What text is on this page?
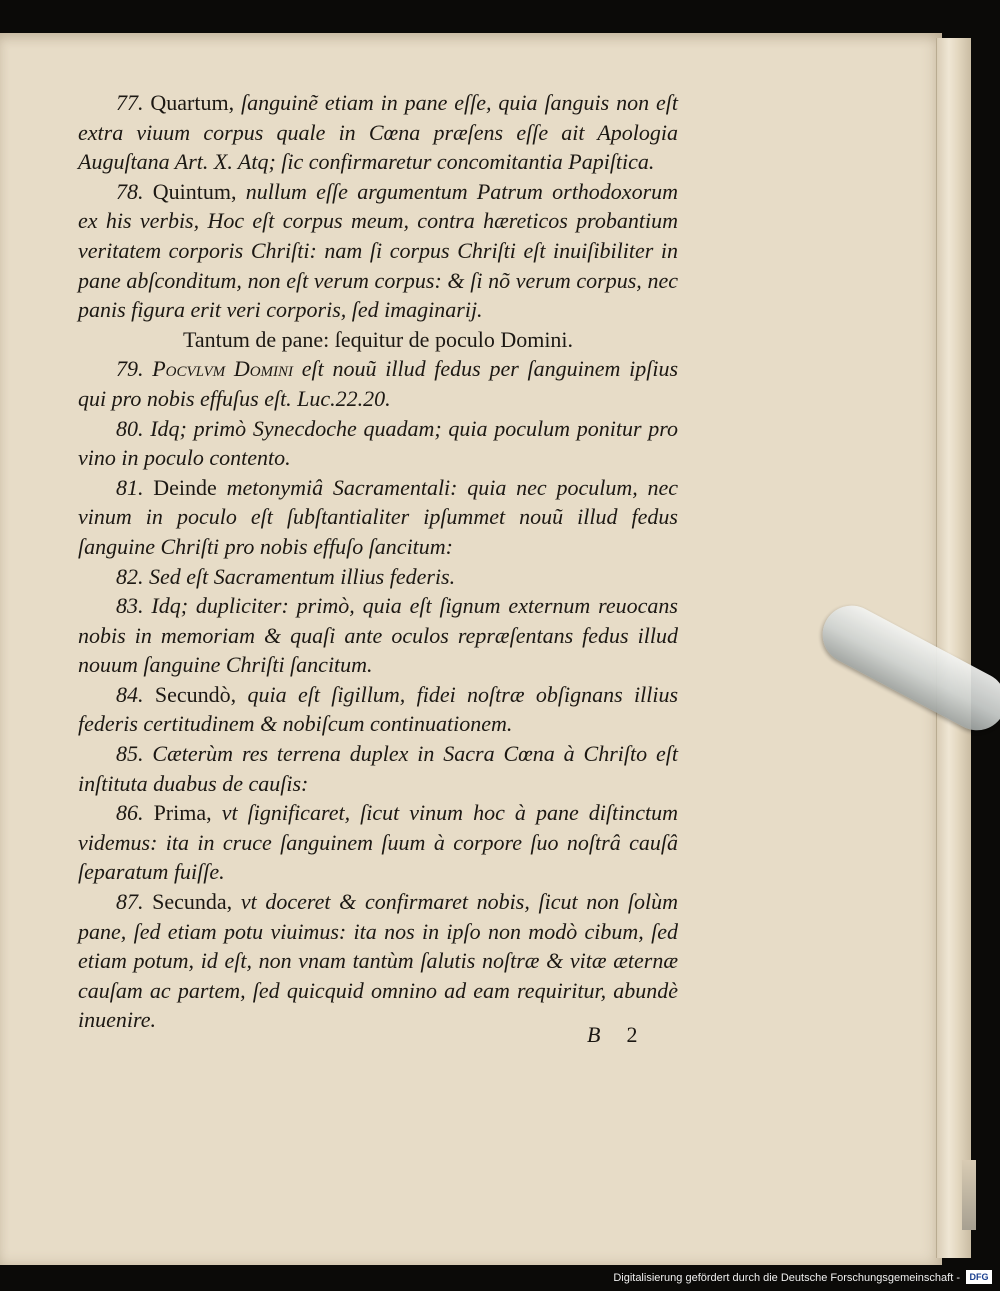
77. Quartum, ſanguinẽ etiam in pane eſſe, quia ſanguis non eſt extra viuum corpus quale in Cœna præſens eſſe ait Apologia Auguſtana Art. X. Atq; ſic confirmaretur concomitantia Papiſtica.

78. Quintum, nullum eſſe argumentum Patrum orthodoxorum ex his verbis, Hoc eſt corpus meum, contra hæreticos probantium veritatem corporis Chriſti: nam ſi corpus Chriſti eſt inuiſibiliter in pane abſconditum, non eſt verum corpus: & ſi nõ verum corpus, nec panis figura erit veri corporis, ſed imaginarij.

Tantum de pane: ſequitur de poculo Domini.

79. Pocvlvm Domini eſt nouũ illud fedus per ſanguinem ipſius qui pro nobis effuſus eſt. Luc.22.20.

80. Idq; primò Synecdoche quadam; quia poculum ponitur pro vino in poculo contento.

81. Deinde metonymiâ Sacramentali: quia nec poculum, nec vinum in poculo eſt ſubſtantialiter ipſummet nouũ illud fedus ſanguine Chriſti pro nobis effuſo ſancitum:

82. Sed eſt Sacramentum illius federis.

83. Idq; dupliciter: primò, quia eſt ſignum externum reuocans nobis in memoriam & quaſi ante oculos repræſentans fedus illud nouum ſanguine Chriſti ſancitum.

84. Secundò, quia eſt ſigillum, fidei noſtræ obſignans illius federis certitudinem & nobiſcum continuationem.

85. Cæterùm res terrena duplex in Sacra Cœna à Chriſto eſt inſtituta duabus de cauſis:

86. Prima, vt ſignificaret, ſicut vinum hoc à pane diſtinctum videmus: ita in cruce ſanguinem ſuum à corpore ſuo noſtrâ cauſâ ſeparatum fuiſſe.

87. Secunda, vt doceret & confirmaret nobis, ſicut non ſolùm pane, ſed etiam potu viuimus: ita nos in ipſo non modò cibum, ſed etiam potum, id eſt, non vnam tantùm ſalutis noſtræ & vitæ æternæ cauſam ac partem, ſed quicquid omnino ad eam requiritur, abundè inuenire.

B 2
Digitalisierung gefördert durch die Deutsche Forschungsgemeinschaft -	DFG
